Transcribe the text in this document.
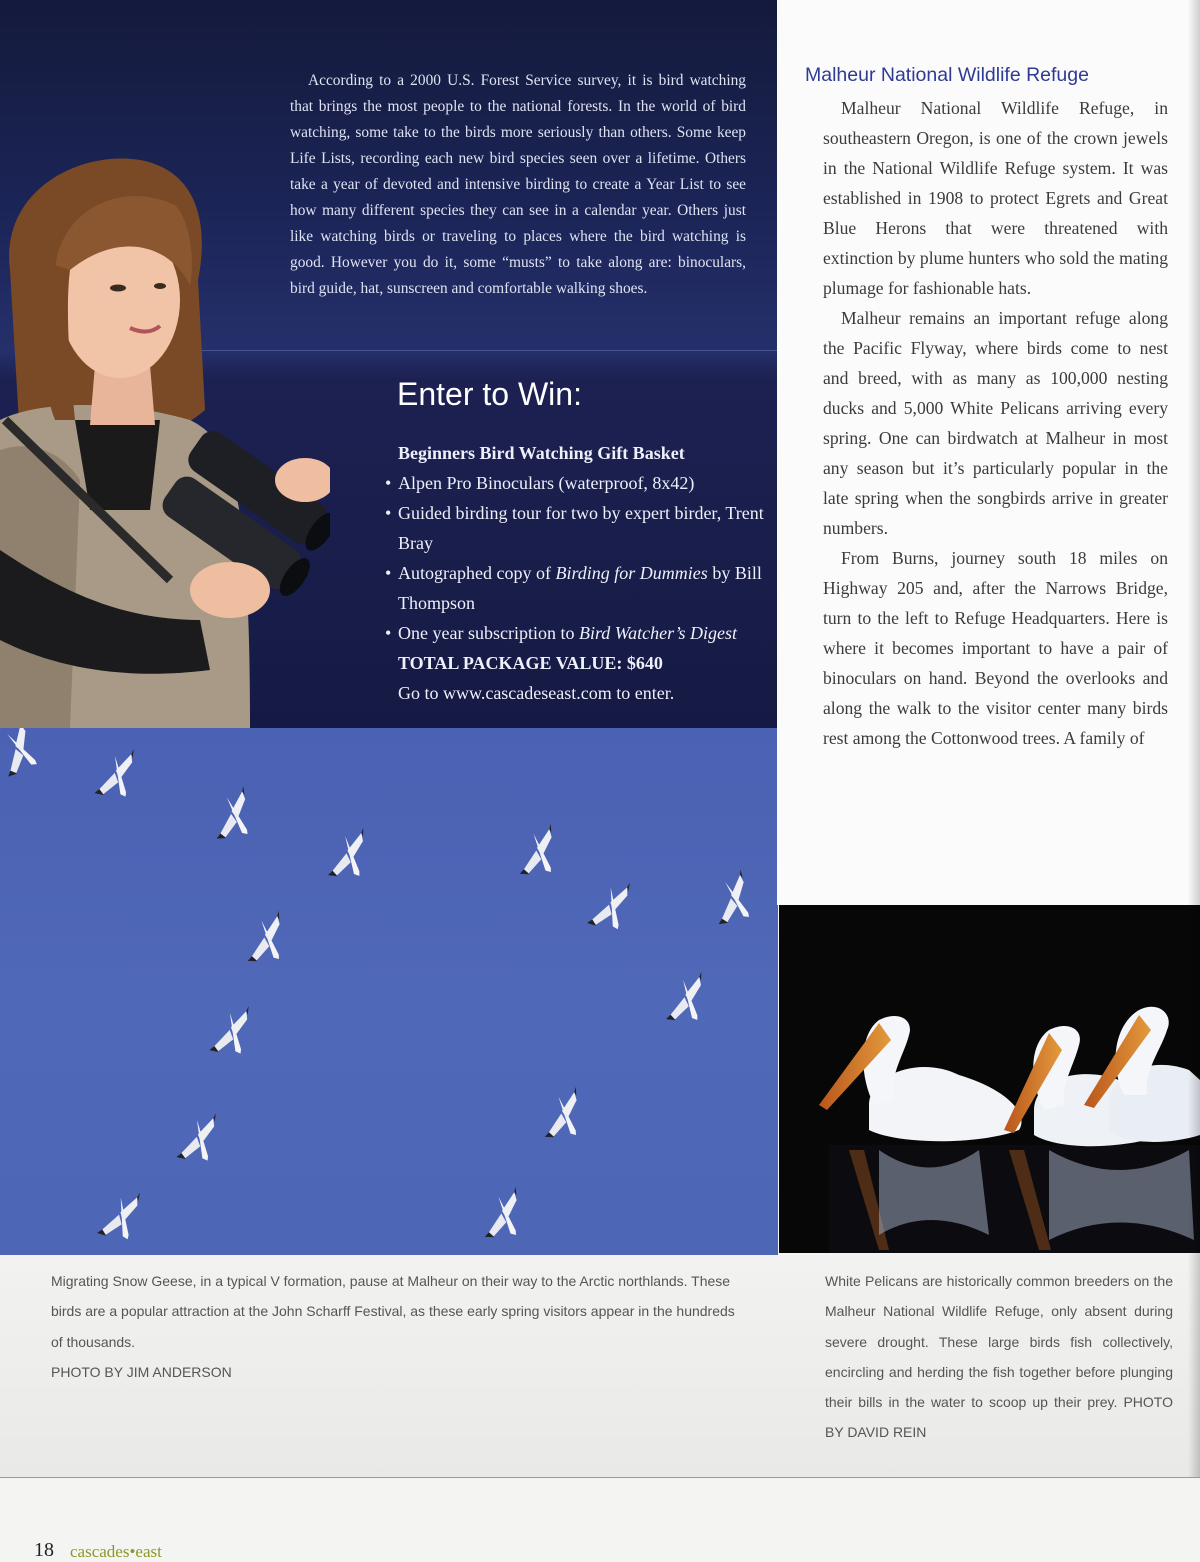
According to a 2000 U.S. Forest Service survey, it is bird watching that brings the most people to the national forests. In the world of bird watching, some take to the birds more seriously than others. Some keep Life Lists, recording each new bird species seen over a lifetime. Others take a year of devoted and intensive birding to create a Year List to see how many different species they can see in a calendar year. Others just like watching birds or traveling to places where the bird watching is good. However you do it, some “musts” to take along are: binoculars, bird guide, hat, sunscreen and comfortable walking shoes.
Enter to Win:
Beginners Bird Watching Gift Basket
• Alpen Pro Binoculars (waterproof, 8x42)
• Guided birding tour for two by expert birder, Trent Bray
• Autographed copy of Birding for Dummies by Bill Thompson
• One year subscription to Bird Watcher’s Digest
TOTAL PACKAGE VALUE: $640
Go to www.cascadeseast.com to enter.
Malheur National Wildlife Refuge

Malheur National Wildlife Refuge, in southeastern Oregon, is one of the crown jewels in the National Wildlife Refuge system. It was established in 1908 to protect Egrets and Great Blue Herons that were threatened with extinction by plume hunters who sold the mating plumage for fashionable hats.

Malheur remains an important refuge along the Pacific Flyway, where birds come to nest and breed, with as many as 100,000 nesting ducks and 5,000 White Pelicans arriving every spring. One can birdwatch at Malheur in most any season but it’s particularly popular in the late spring when the songbirds arrive in greater numbers.

From Burns, journey south 18 miles on Highway 205 and, after the Narrows Bridge, turn to the left to Refuge Headquarters. Here is where it becomes important to have a pair of binoculars on hand. Beyond the overlooks and along the walk to the visitor center many birds rest among the Cottonwood trees. A family of

Migrating Snow Geese, in a typical V formation, pause at Malheur on their way to the Arctic northlands. These birds are a popular attraction at the John Scharff Festival, as these early spring visitors appear in the hundreds of thousands.
PHOTO BY JIM ANDERSON
White Pelicans are historically common breeders on the Malheur National Wildlife Refuge, only absent during severe drought. These large birds fish collectively, encircling and herding the fish together before plunging their bills in the water to scoop up their prey. PHOTO BY DAVID REIN
18 cascades•east
